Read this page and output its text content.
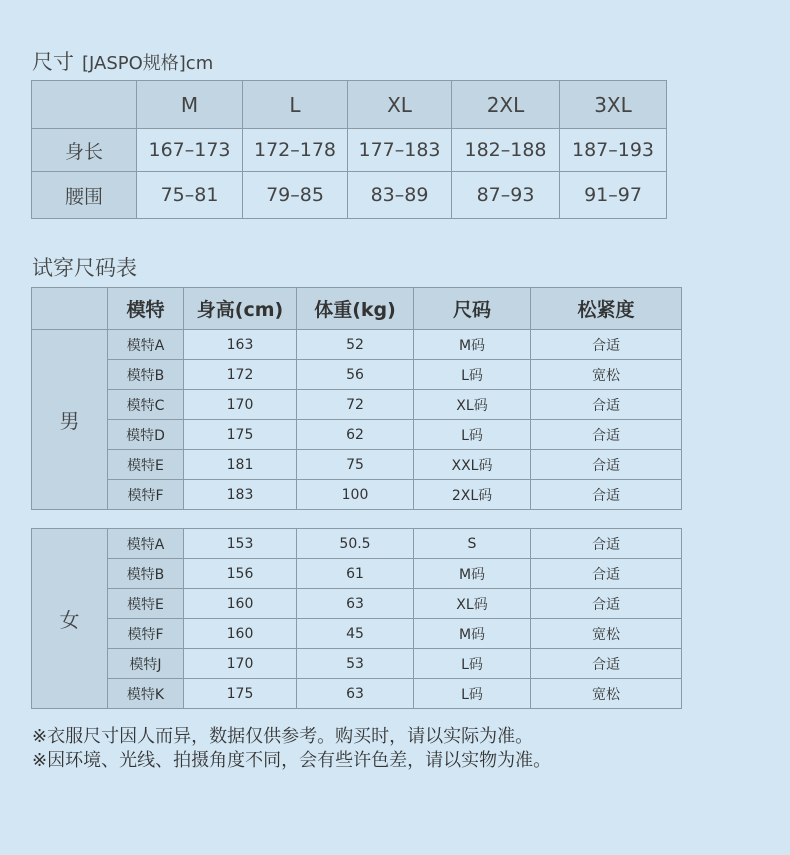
尺寸 [JASPO规格]cm
	M	L	XL	2XL	3XL
身长	167–173	172–178	177–183	182–188	187–193
腰围	75–81	79–85	83–89	87–93	91–97
试穿尺码表
	模特	身高(cm)	体重(kg)	尺码	松紧度
男	模特A	163	52	M码	合适
	模特B	172	56	L码	宽松
	模特C	170	72	XL码	合适
	模特D	175	62	L码	合适
	模特E	181	75	XXL码	合适
	模特F	183	100	2XL码	合适
女	模特A	153	50.5	S	合适
	模特B	156	61	M码	合适
	模特E	160	63	XL码	合适
	模特F	160	45	M码	宽松
	模特J	170	53	L码	合适
	模特K	175	63	L码	宽松
※衣服尺寸因人而异，数据仅供参考。购买时，请以实际为准。
※因环境、光线、拍摄角度不同，会有些许色差，请以实物为准。
